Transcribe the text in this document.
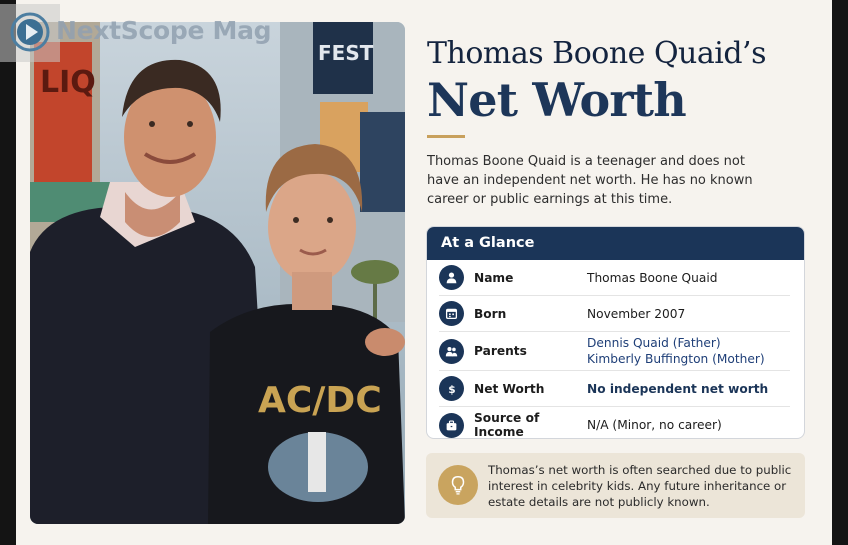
NextScope Mag
LIQ
FEST
AC/DC
Thomas Boone Quaid’s
Net Worth

Thomas Boone Quaid is a teenager and does not have an independent net worth. He has no known career or public earnings at this time.

At a Glance
Name	Thomas Boone Quaid
Born	November 2007
Parents
Dennis Quaid (Father)
Kimberly Buffington (Mother)
$ Net Worth	No independent net worth
Source of Income	N/A (Minor, no career)

Thomas’s net worth is often searched due to public interest in celebrity kids. Any future inheritance or estate details are not publicly known.
